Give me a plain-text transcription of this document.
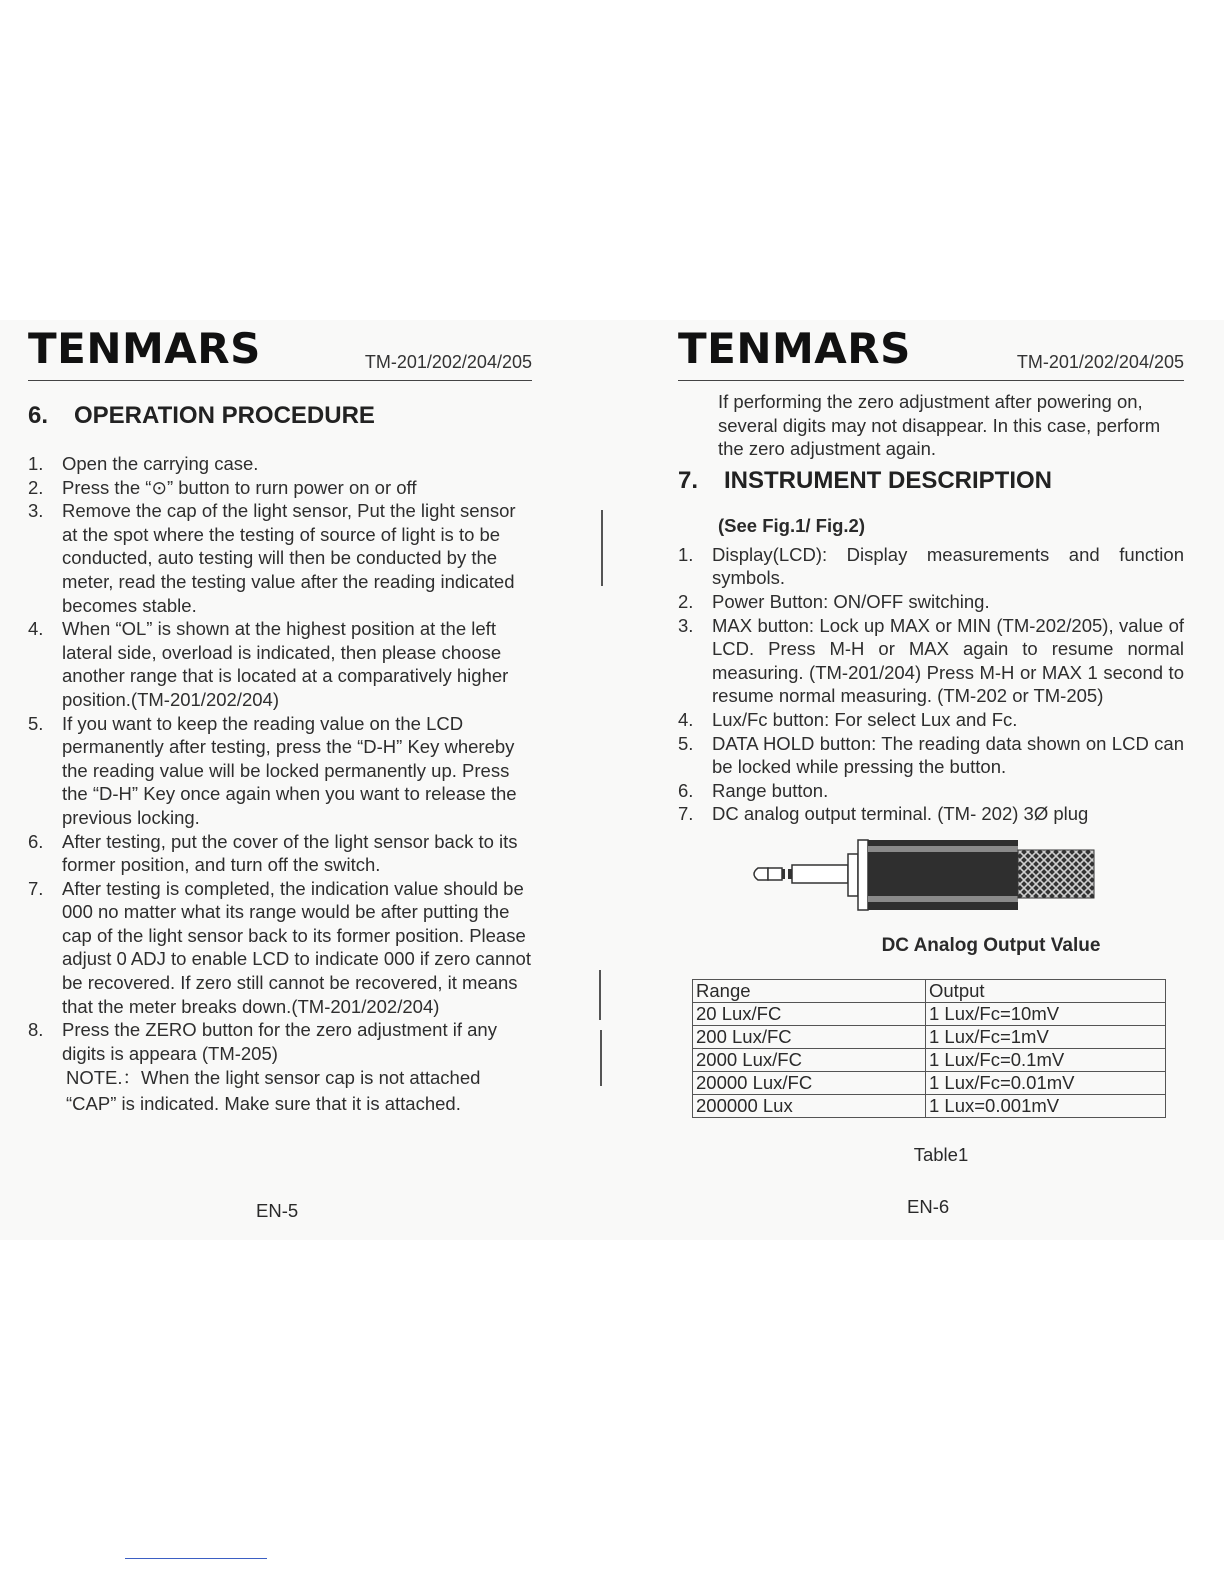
TENMARS	TM-201/202/204/205
6.	OPERATION PROCEDURE
1.	Open the carrying case.
2.	Press the “⊙” button to rurn power on or off
3.	Remove the cap of the light sensor, Put the light sensor at the spot where the testing of source of light is to be conducted, auto testing will then be conducted by the meter, read the testing value after the reading indicated becomes stable.
4.	When “OL” is shown at the highest position at the left lateral side, overload is indicated, then please choose another range that is located at a comparatively higher position.(TM-201/202/204)
5.	If you want to keep the reading value on the LCD permanently after testing, press the “D-H” Key whereby the reading value will be locked permanently up. Press the “D-H” Key once again when you want to release the previous locking.
6.	After testing, put the cover of the light sensor back to its former position, and turn off the switch.
7.	After testing is completed, the indication value should be 000 no matter what its range would be after putting the cap of the light sensor back to its former position. Please adjust 0 ADJ to enable LCD to indicate 000 if zero cannot be recovered. If zero still cannot be recovered, it means that the meter breaks down.(TM-201/202/204)
8.	Press the ZERO button for the zero adjustment if any digits is appeara (TM-205)
NOTE.：When the light sensor cap is not attached “CAP” is indicated. Make sure that it is attached.
EN-5
TENMARS	TM-201/202/204/205
If performing the zero adjustment after powering on, several digits may not disappear. In this case, perform the zero adjustment again.
7.	INSTRUMENT DESCRIPTION
(See Fig.1/ Fig.2)
1.	Display(LCD): Display measurements and function symbols.
2.	Power Button: ON/OFF switching.
3.	MAX button: Lock up MAX or MIN (TM-202/205), value of LCD. Press M-H or MAX again to resume normal measuring. (TM-201/204) Press M-H or MAX 1 second to resume normal measuring. (TM-202 or TM-205)
4.	Lux/Fc button: For select Lux and Fc.
5.	DATA HOLD button: The reading data shown on LCD can be locked while pressing the button.
6.	Range button.
7.	DC analog output terminal. (TM- 202) 3Ø plug
DC Analog Output Value
Range	Output
20 Lux/FC	1 Lux/Fc=10mV
200 Lux/FC	1 Lux/Fc=1mV
2000 Lux/FC	1 Lux/Fc=0.1mV
20000 Lux/FC	1 Lux/Fc=0.01mV
200000 Lux	1 Lux=0.001mV
Table1
EN-6
